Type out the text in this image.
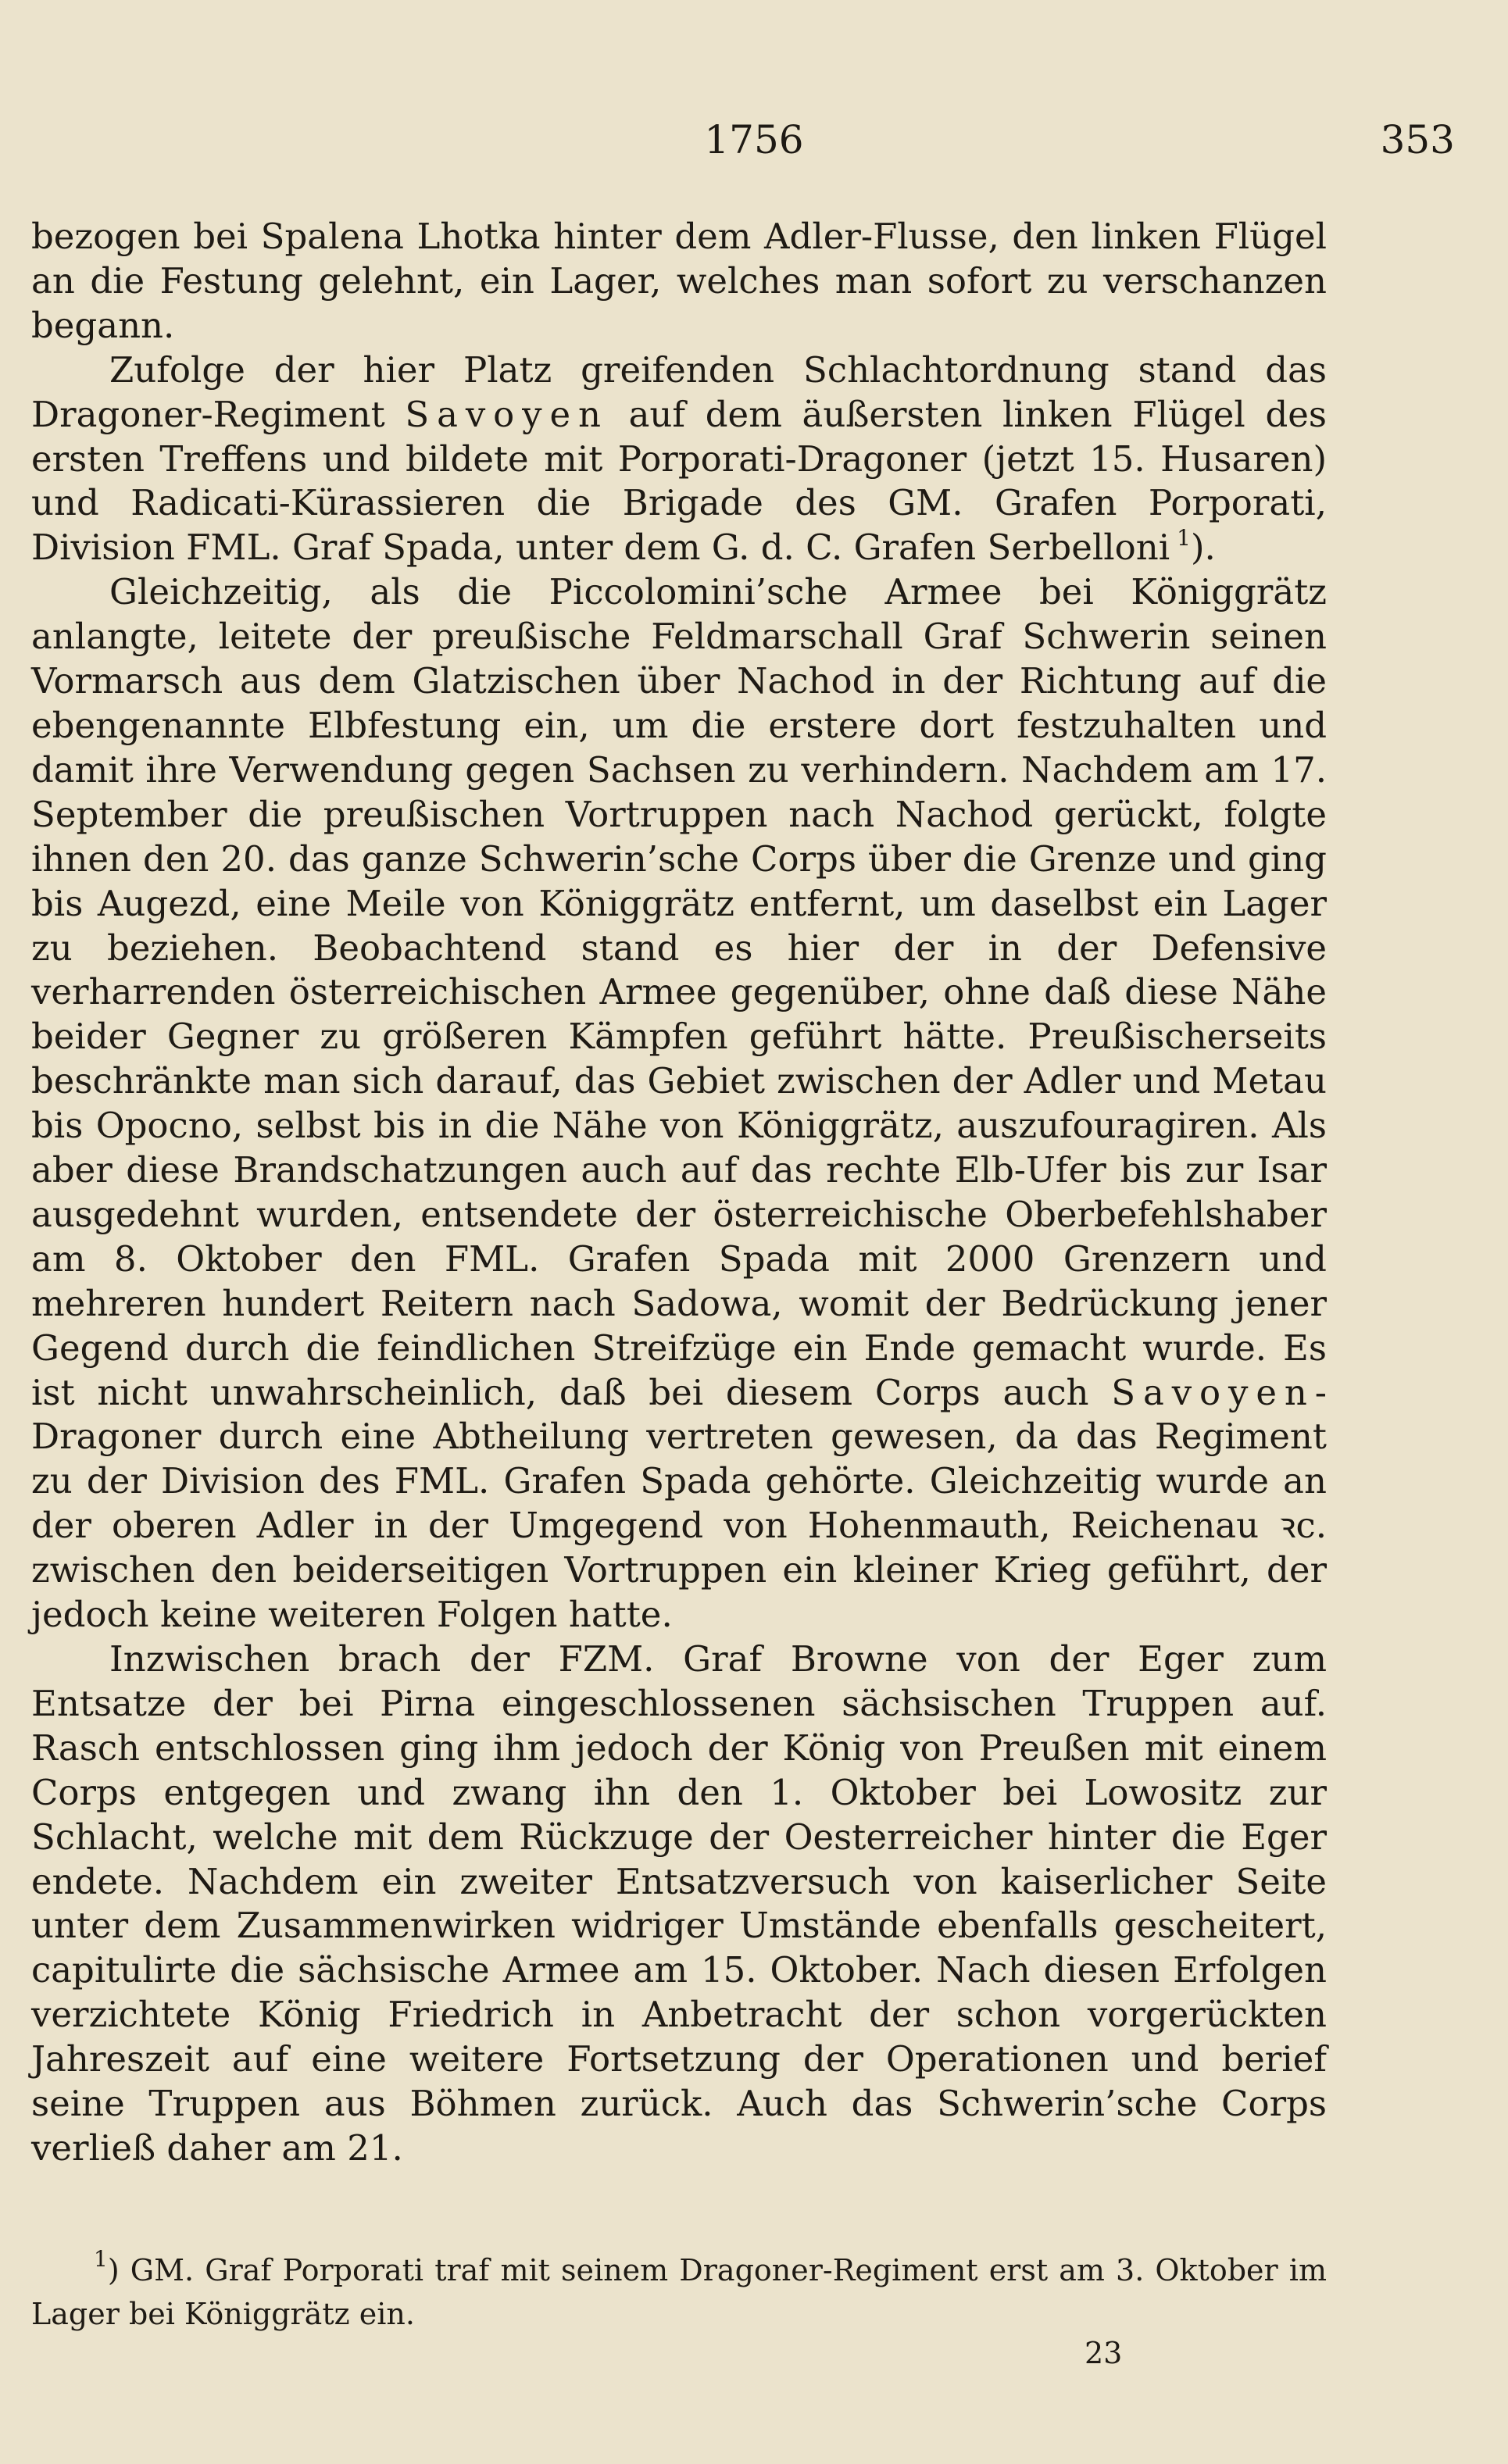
1756	353

bezogen bei Spalena Lhotka hinter dem Adler-Flusse, den linken Flügel an die Festung gelehnt, ein Lager, welches man sofort zu verschanzen begann.

Zufolge der hier Platz greifenden Schlachtordnung stand das Dragoner-Regiment Savoyen auf dem äußersten linken Flügel des ersten Treffens und bildete mit Porporati-Dragoner (jetzt 15. Husaren) und Radicati-Kürassieren die Brigade des GM. Grafen Porporati, Division FML. Graf Spada, unter dem G. d. C. Grafen Serbelloni  $^1$).

Gleichzeitig, als die Piccolomini’sche Armee bei Königgrätz anlangte, leitete der preußische Feldmarschall Graf Schwerin seinen Vormarsch aus dem Glatzischen über Nachod in der Richtung auf die ebengenannte Elbfestung ein, um die erstere dort festzuhalten und damit ihre Verwendung gegen Sachsen zu verhindern. Nachdem am 17. September die preußischen Vortruppen nach Nachod gerückt, folgte ihnen den 20. das ganze Schwerin’sche Corps über die Grenze und ging bis Augezd, eine Meile von Königgrätz entfernt, um daselbst ein Lager zu beziehen. Beobachtend stand es hier der in der Defensive verharrenden österreichischen Armee gegenüber, ohne daß diese Nähe beider Gegner zu größeren Kämpfen geführt hätte. Preußischerseits beschränkte man sich darauf, das Gebiet zwischen der Adler und Metau bis Opocno, selbst bis in die Nähe von Königgrätz, auszufouragiren. Als aber diese Brandschatzungen auch auf das rechte Elb-Ufer bis zur Isar ausgedehnt wurden, entsendete der österreichische Oberbefehlshaber am 8. Oktober den FML. Grafen Spada mit 2000 Grenzern und mehreren hundert Reitern nach Sadowa, womit der Bedrückung jener Gegend durch die feindlichen Streifzüge ein Ende gemacht wurde. Es ist nicht unwahrscheinlich, daß bei diesem Corps auch Savoyen-Dragoner durch eine Abtheilung vertreten gewesen, da das Regiment zu der Division des FML. Grafen Spada gehörte. Gleichzeitig wurde an der oberen Adler in der Umgegend von Hohenmauth, Reichenau ꝛc. zwischen den beiderseitigen Vortruppen ein kleiner Krieg geführt, der jedoch keine weiteren Folgen hatte.

Inzwischen brach der FZM. Graf Browne von der Eger zum Entsatze der bei Pirna eingeschlossenen sächsischen Truppen auf. Rasch entschlossen ging ihm jedoch der König von Preußen mit einem Corps entgegen und zwang ihn den 1. Oktober bei Lowositz zur Schlacht, welche mit dem Rückzuge der Oesterreicher hinter die Eger endete. Nachdem ein zweiter Entsatzversuch von kaiserlicher Seite unter dem Zusammenwirken widriger Umstände ebenfalls gescheitert, capitulirte die sächsische Armee am 15. Oktober. Nach diesen Erfolgen verzichtete König Friedrich in Anbetracht der schon vorgerückten Jahreszeit auf eine weitere Fortsetzung der Operationen und berief seine Truppen aus Böhmen zurück. Auch das Schwerin’sche Corps verließ daher am 21.

$^1$) GM. Graf Porporati traf mit seinem Dragoner-Regiment erst am 3. Oktober im Lager bei Königgrätz ein.

23
